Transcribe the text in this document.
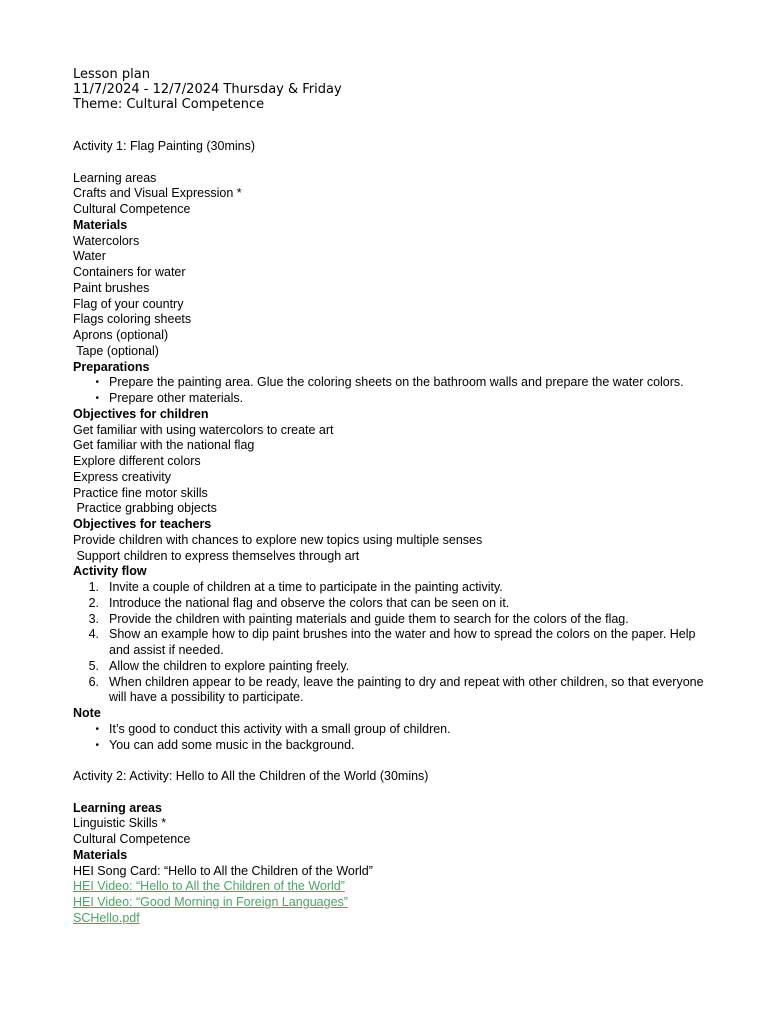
Lesson plan
11/7/2024 - 12/7/2024 Thursday & Friday
Theme: Cultural Competence
Activity 1: Flag Painting (30mins)
Learning areas
Crafts and Visual Expression *
Cultural Competence
Materials
Watercolors
Water
Containers for water
Paint brushes
Flag of your country
Flags coloring sheets
Aprons (optional)
Tape (optional)
Preparations
• Prepare the painting area. Glue the coloring sheets on the bathroom walls and prepare the water colors.
• Prepare other materials.
Objectives for children
Get familiar with using watercolors to create art
Get familiar with the national flag
Explore different colors
Express creativity
Practice fine motor skills
Practice grabbing objects
Objectives for teachers
Provide children with chances to explore new topics using multiple senses
Support children to express themselves through art
Activity flow
1. Invite a couple of children at a time to participate in the painting activity.
2. Introduce the national flag and observe the colors that can be seen on it.
3. Provide the children with painting materials and guide them to search for the colors of the flag.
4. Show an example how to dip paint brushes into the water and how to spread the colors on the paper. Help and assist if needed.
5. Allow the children to explore painting freely.
6. When children appear to be ready, leave the painting to dry and repeat with other children, so that everyone will have a possibility to participate.
Note
• It’s good to conduct this activity with a small group of children.
• You can add some music in the background.
Activity 2: Activity: Hello to All the Children of the World (30mins)
Learning areas
Linguistic Skills *
Cultural Competence
Materials
HEI Song Card: “Hello to All the Children of the World”
HEI Video: “Hello to All the Children of the World”
HEI Video: “Good Morning in Foreign Languages”
SCHello.pdf
